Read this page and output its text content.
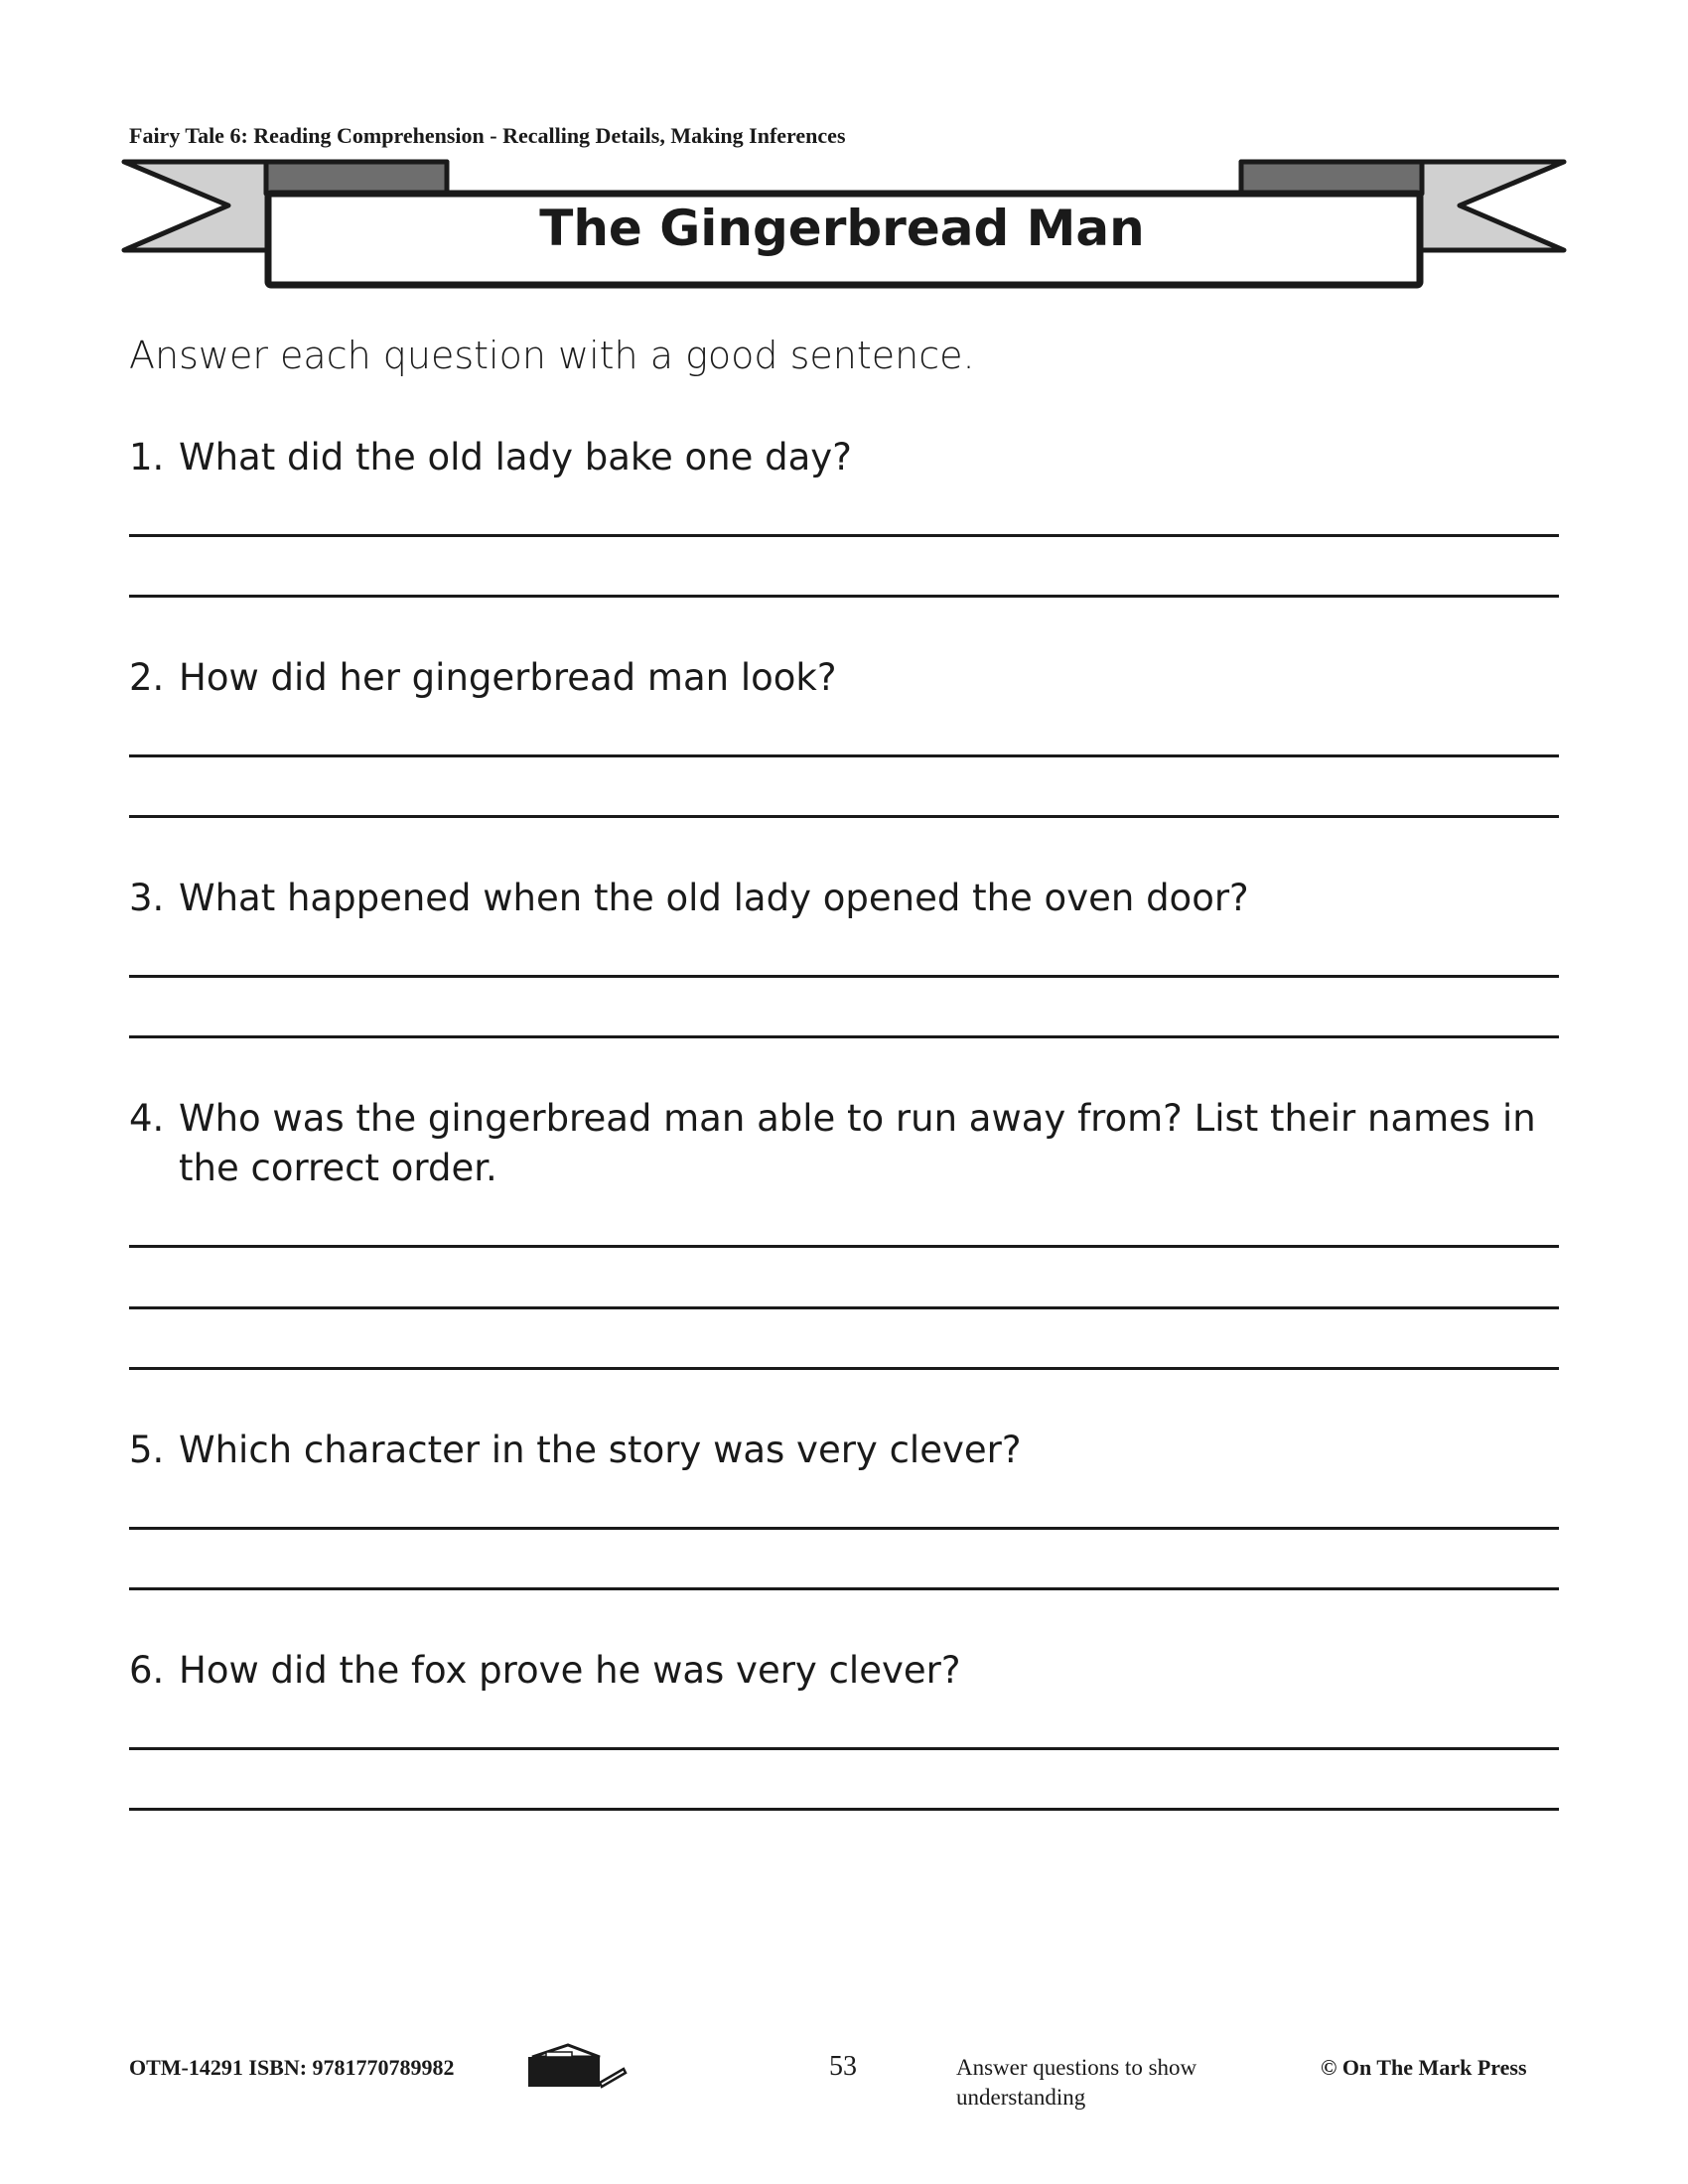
Fairy Tale 6: Reading Comprehension - Recalling Details, Making Inferences
The Gingerbread Man
Answer each question with a good sentence.
1. What did the old lady bake one day?
2. How did her gingerbread man look?
3. What happened when the old lady opened the oven door?
4. Who was the gingerbread man able to run away from? List their names in the correct order.
5. Which character in the story was very clever?
6. How did the fox prove he was very clever?
OTM-14291 ISBN: 9781770789982	53	Answer questions to show understanding
© On The Mark Press
